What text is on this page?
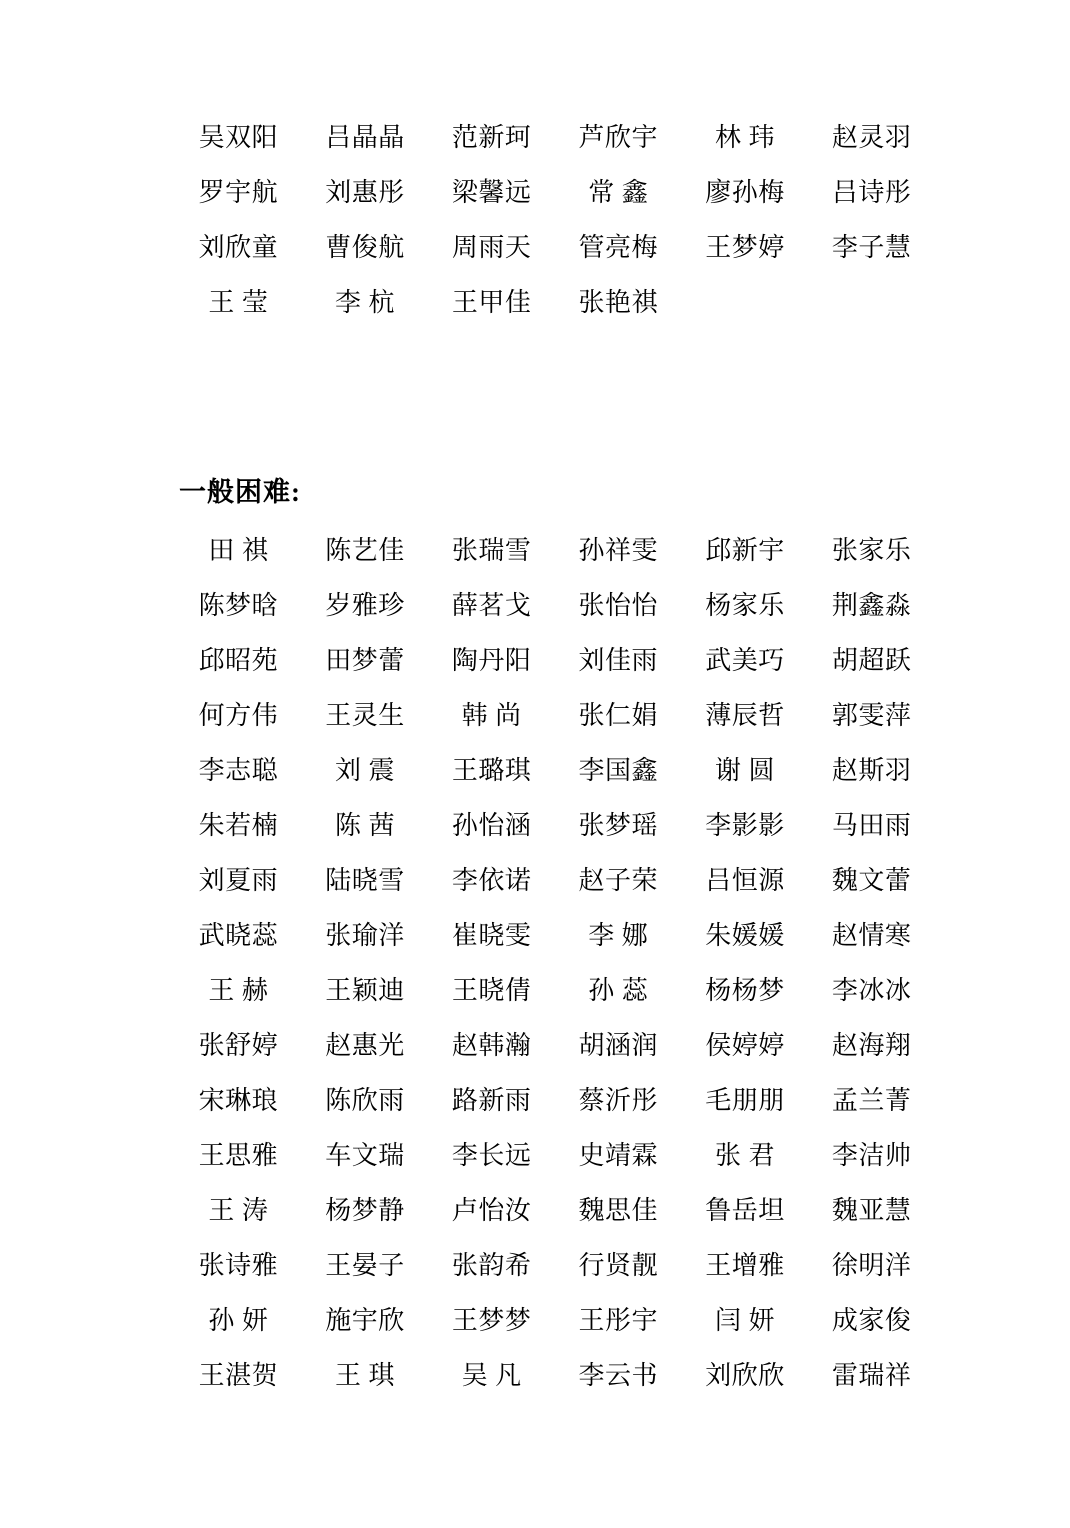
吴双阳	吕晶晶	范新珂	芦欣宇	林 玮	赵灵羽
罗宇航	刘惠彤	梁馨远	常 鑫	廖孙梅	吕诗彤
刘欣童	曹俊航	周雨天	管亮梅	王梦婷	李子慧
王 莹	李 杭	王甲佳	张艳祺		
一般困难:
田 祺	陈艺佳	张瑞雪	孙祥雯	邱新宇	张家乐
陈梦晗	岁雅珍	薛茗戈	张怡怡	杨家乐	荆鑫淼
邱昭苑	田梦蕾	陶丹阳	刘佳雨	武美巧	胡超跃
何方伟	王灵生	韩 尚	张仁娟	薄辰哲	郭雯萍
李志聪	刘 震	王璐琪	李国鑫	谢 圆	赵斯羽
朱若楠	陈 茜	孙怡涵	张梦瑶	李影影	马田雨
刘夏雨	陆晓雪	李依诺	赵子荣	吕恒源	魏文蕾
武晓蕊	张瑜洋	崔晓雯	李 娜	朱媛媛	赵情寒
王 赫	王颖迪	王晓倩	孙 蕊	杨杨梦	李冰冰
张舒婷	赵惠光	赵韩瀚	胡涵润	侯婷婷	赵海翔
宋琳琅	陈欣雨	路新雨	蔡沂彤	毛朋朋	孟兰菁
王思雅	车文瑞	李长远	史靖霖	张 君	李洁帅
王 涛	杨梦静	卢怡汝	魏思佳	鲁岳坦	魏亚慧
张诗雅	王晏子	张韵希	行贤靓	王增雅	徐明洋
孙 妍	施宇欣	王梦梦	王彤宇	闫 妍	成家俊
王湛贺	王 琪	吴 凡	李云书	刘欣欣	雷瑞祥
